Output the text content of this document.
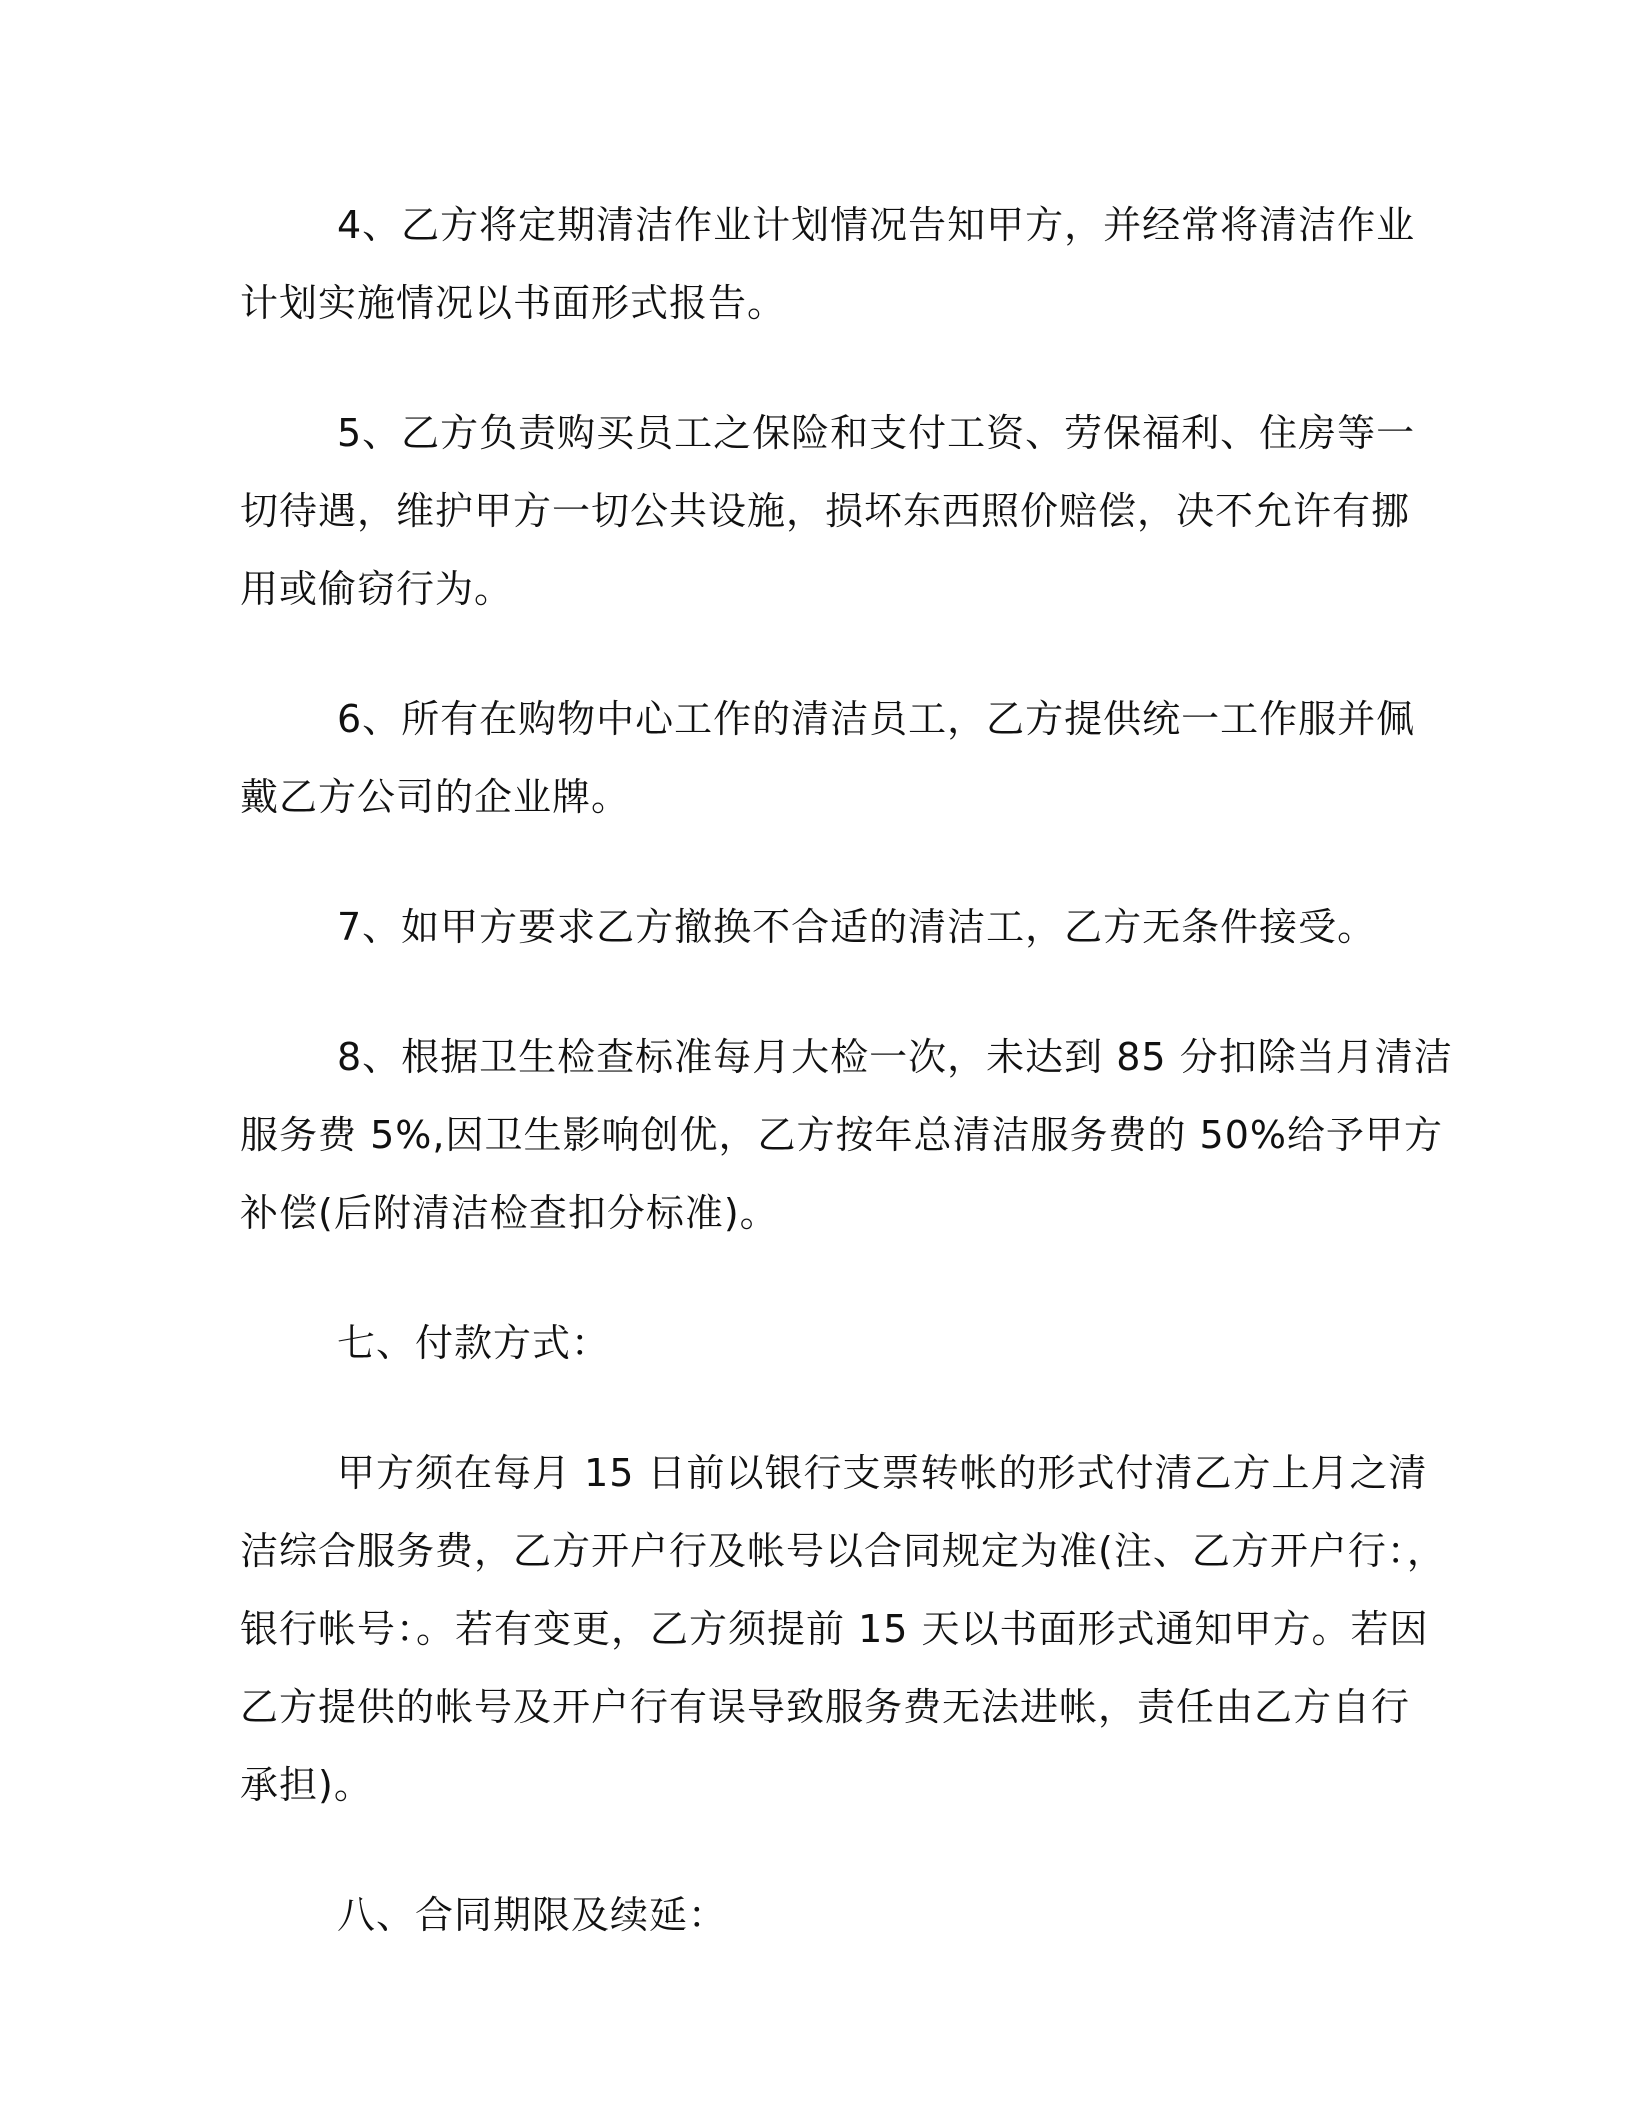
4、乙方将定期清洁作业计划情况告知甲方，并经常将清洁作业
计划实施情况以书面形式报告。

5、乙方负责购买员工之保险和支付工资、劳保福利、住房等一
切待遇，维护甲方一切公共设施，损坏东西照价赔偿，决不允许有挪
用或偷窃行为。

6、所有在购物中心工作的清洁员工，乙方提供统一工作服并佩
戴乙方公司的企业牌。

7、如甲方要求乙方撤换不合适的清洁工，乙方无条件接受。

8、根据卫生检查标准每月大检一次，未达到 85 分扣除当月清洁
服务费 5%,因卫生影响创优，乙方按年总清洁服务费的 50%给予甲方
补偿(后附清洁检查扣分标准)。

七、付款方式：

甲方须在每月 15 日前以银行支票转帐的形式付清乙方上月之清
洁综合服务费，乙方开户行及帐号以合同规定为准(注、乙方开户行：，
银行帐号：。若有变更，乙方须提前 15 天以书面形式通知甲方。若因
乙方提供的帐号及开户行有误导致服务费无法进帐，责任由乙方自行
承担)。

八、合同期限及续延：
